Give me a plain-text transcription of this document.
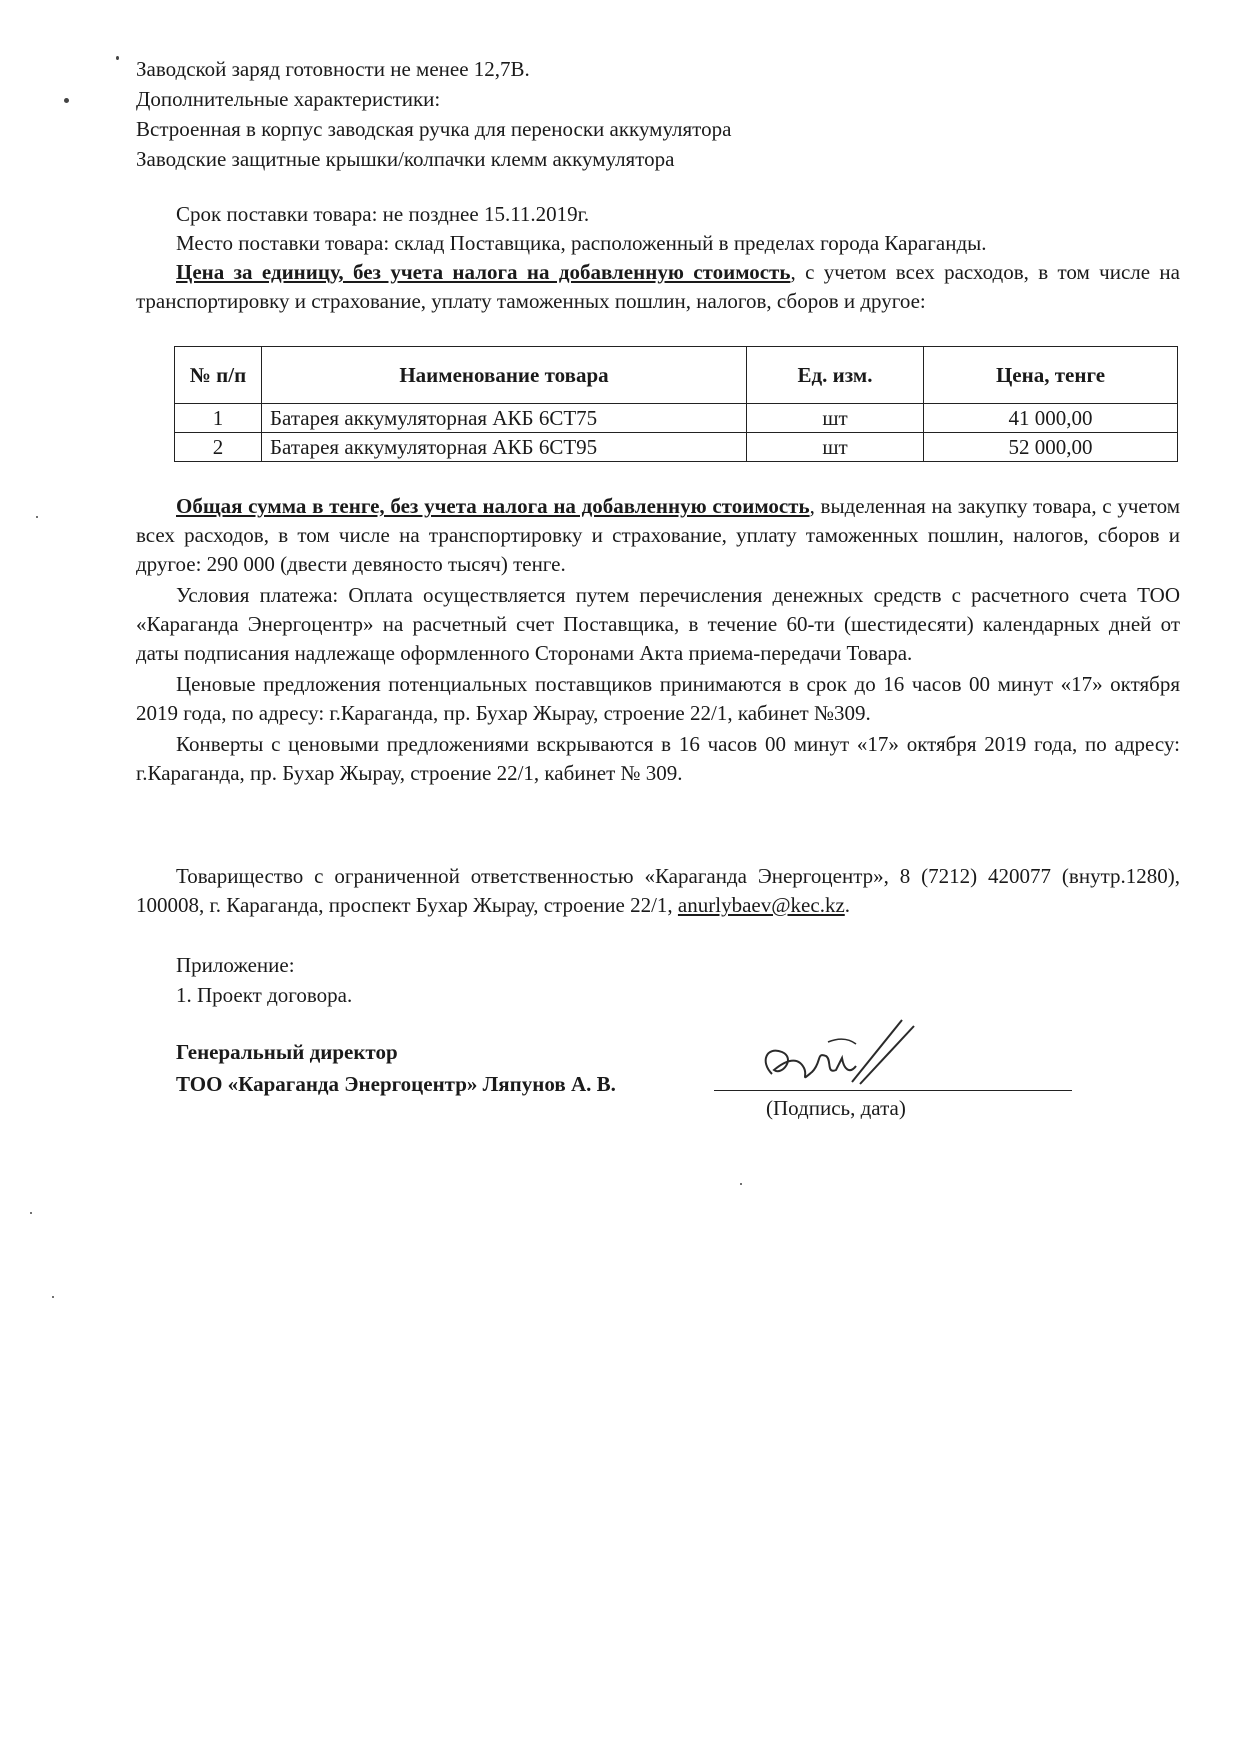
Заводской заряд готовности не менее 12,7В.
Дополнительные характеристики:
Встроенная в корпус заводская ручка для переноски аккумулятора
Заводские защитные крышки/колпачки клемм аккумулятора

Срок поставки товара: не позднее 15.11.2019г.

Место поставки товара: склад Поставщика, расположенный в пределах города Караганды.

Цена за единицу, без учета налога на добавленную стоимость, с учетом всех расходов, в том числе на транспортировку и страхование, уплату таможенных пошлин, налогов, сборов и другое:

№ п/п	Наименование товара	Ед. изм.	Цена, тенге
1	Батарея аккумуляторная АКБ 6СТ75	шт	41 000,00
2	Батарея аккумуляторная АКБ 6СТ95	шт	52 000,00

Общая сумма в тенге, без учета налога на добавленную стоимость, выделенная на закупку товара, с учетом всех расходов, в том числе на транспортировку и страхование, уплату таможенных пошлин, налогов, сборов и другое: 290 000 (двести девяносто тысяч) тенге.

Условия платежа: Оплата осуществляется путем перечисления денежных средств с расчетного счета ТОО «Караганда Энергоцентр» на расчетный счет Поставщика, в течение 60-ти (шестидесяти) календарных дней от даты подписания надлежаще оформленного Сторонами Акта приема-передачи Товара.

Ценовые предложения потенциальных поставщиков принимаются в срок до 16 часов 00 минут «17» октября 2019 года, по адресу: г.Караганда, пр. Бухар Жырау, строение 22/1, кабинет №309.

Конверты с ценовыми предложениями вскрываются в 16 часов 00 минут «17» октября 2019 года, по адресу: г.Караганда, пр. Бухар Жырау, строение 22/1, кабинет № 309.

Товарищество с ограниченной ответственностью «Караганда Энергоцентр», 8 (7212) 420077 (внутр.1280), 100008, г. Караганда, проспект Бухар Жырау, строение 22/1, anurlybaev@kec.kz.

Приложение:
1. Проект договора.
Генеральный директор
ТОО «Караганда Энергоцентр» Ляпунов А. В.
(Подпись, дата)
